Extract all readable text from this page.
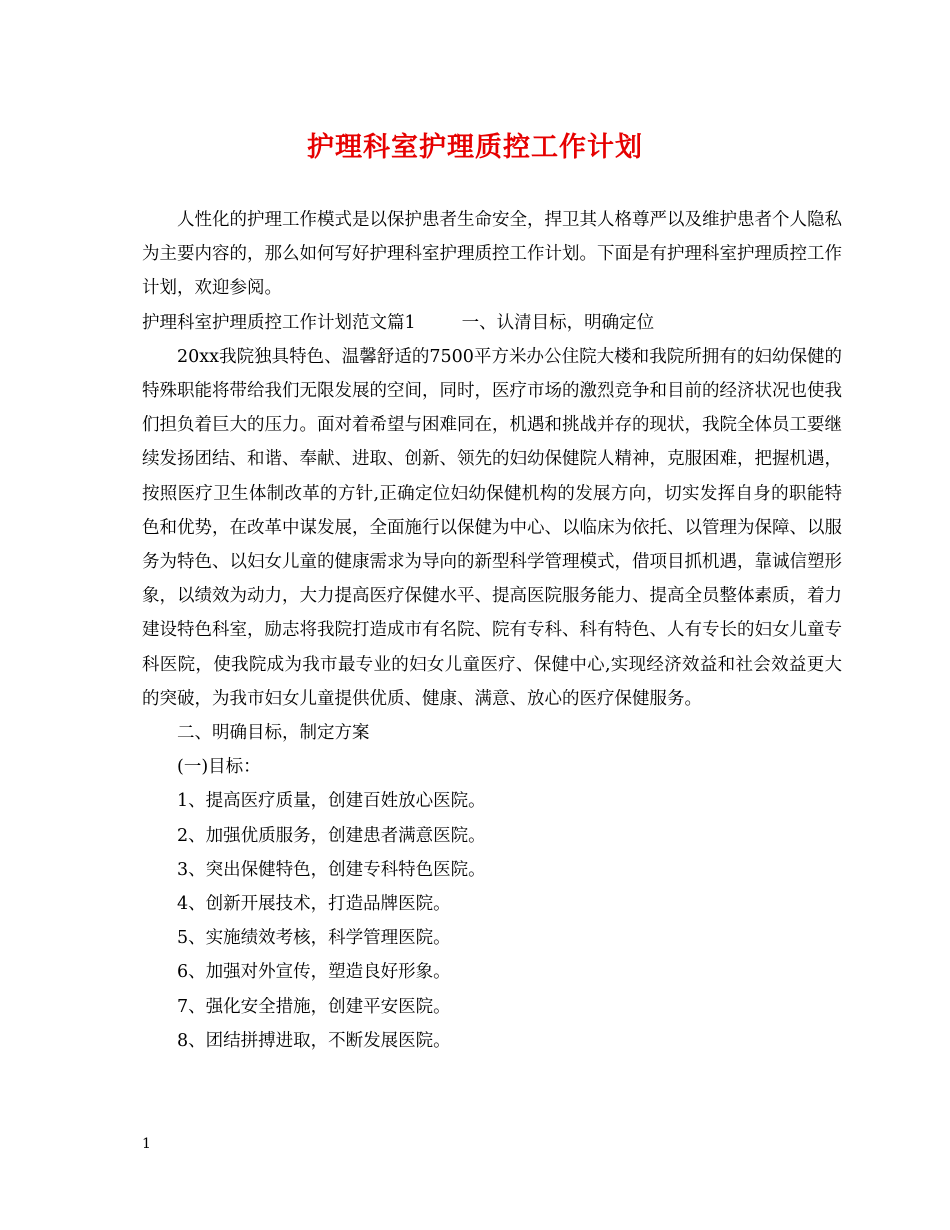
护理科室护理质控工作计划

人性化的护理工作模式是以保护患者生命安全，捍卫其人格尊严以及维护患者个人隐私为主要内容的，那么如何写好护理科室护理质控工作计划。下面是有护理科室护理质控工作计划，欢迎参阅。

护理科室护理质控工作计划范文篇1	一、认清目标，明确定位

20xx我院独具特色、温馨舒适的7500平方米办公住院大楼和我院所拥有的妇幼保健的特殊职能将带给我们无限发展的空间，同时，医疗市场的激烈竞争和目前的经济状况也使我们担负着巨大的压力。面对着希望与困难同在，机遇和挑战并存的现状，我院全体员工要继续发扬团结、和谐、奉献、进取、创新、领先的妇幼保健院人精神，克服困难，把握机遇，按照医疗卫生体制改革的方针,正确定位妇幼保健机构的发展方向，切实发挥自身的职能特色和优势，在改革中谋发展，全面施行以保健为中心、以临床为依托、以管理为保障、以服务为特色、以妇女儿童的健康需求为导向的新型科学管理模式，借项目抓机遇，靠诚信塑形象，以绩效为动力，大力提高医疗保健水平、提高医院服务能力、提高全员整体素质，着力建设特色科室，励志将我院打造成市有名院、院有专科、科有特色、人有专长的妇女儿童专科医院，使我院成为我市最专业的妇女儿童医疗、保健中心,实现经济效益和社会效益更大的突破，为我市妇女儿童提供优质、健康、满意、放心的医疗保健服务。

二、明确目标，制定方案

(一)目标：

1、提高医疗质量，创建百姓放心医院。

2、加强优质服务，创建患者满意医院。

3、突出保健特色，创建专科特色医院。

4、创新开展技术，打造品牌医院。

5、实施绩效考核，科学管理医院。

6、加强对外宣传，塑造良好形象。

7、强化安全措施，创建平安医院。

8、团结拼搏进取，不断发展医院。

1
